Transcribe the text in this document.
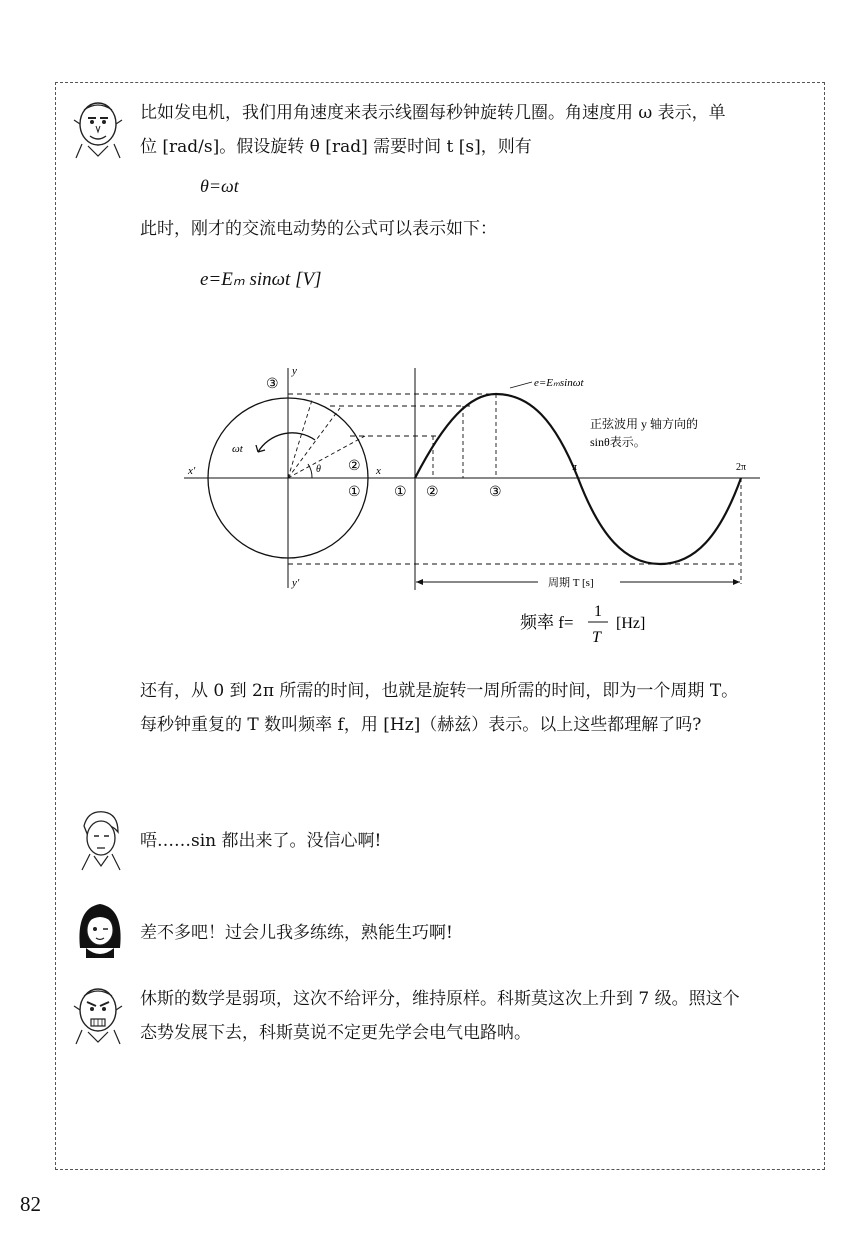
比如发电机，我们用角速度来表示线圈每秒钟旋转几圈。角速度用 ω 表示，单
位 [rad/s]。假设旋转 θ [rad] 需要时间 t [s]，则有
θ=ωt
此时，刚才的交流电动势的公式可以表示如下：
e=Eₘ sinωt [V]
e=Eₘsinωt
正弦波用 y 轴方向的
sinθ表示。
y
y′
x
x′
ωt
θ	π	2π
③
②
① ① ②	③
周期 T [s]
频率 f=
1
T
[Hz]
还有，从 0 到 2π 所需的时间，也就是旋转一周所需的时间，即为一个周期 T。
每秒钟重复的 T 数叫频率 f，用 [Hz]（赫兹）表示。以上这些都理解了吗?
唔……sin 都出来了。没信心啊!
差不多吧！过会儿我多练练，熟能生巧啊!
休斯的数学是弱项，这次不给评分，维持原样。科斯莫这次上升到 7 级。照这个
态势发展下去，科斯莫说不定更先学会电气电路呐。
82
